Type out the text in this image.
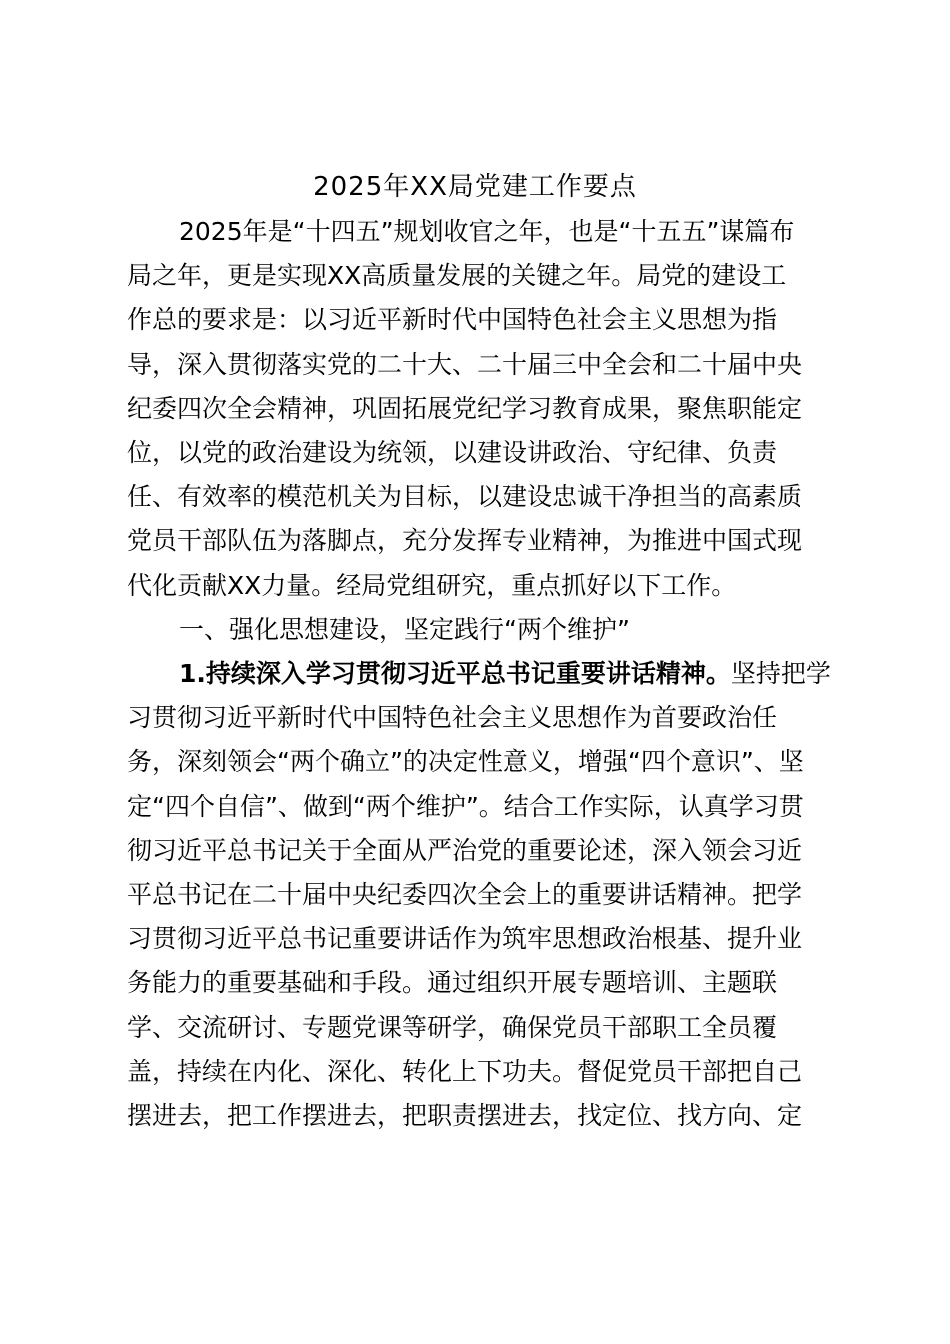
2025年XX局党建工作要点

2025年是“十四五”规划收官之年，也是“十五五”谋篇布

局之年，更是实现XX高质量发展的关键之年。局党的建设工

作总的要求是：以习近平新时代中国特色社会主义思想为指

导，深入贯彻落实党的二十大、二十届三中全会和二十届中央

纪委四次全会精神，巩固拓展党纪学习教育成果，聚焦职能定

位，以党的政治建设为统领，以建设讲政治、守纪律、负责

任、有效率的模范机关为目标，以建设忠诚干净担当的高素质

党员干部队伍为落脚点，充分发挥专业精神，为推进中国式现

代化贡献XX力量。经局党组研究，重点抓好以下工作。

一、强化思想建设，坚定践行“两个维护”

1.持续深入学习贯彻习近平总书记重要讲话精神。坚持把学

习贯彻习近平新时代中国特色社会主义思想作为首要政治任

务，深刻领会“两个确立”的决定性意义，增强“四个意识”、坚

定“四个自信”、做到“两个维护”。结合工作实际，认真学习贯

彻习近平总书记关于全面从严治党的重要论述，深入领会习近

平总书记在二十届中央纪委四次全会上的重要讲话精神。把学

习贯彻习近平总书记重要讲话作为筑牢思想政治根基、提升业

务能力的重要基础和手段。通过组织开展专题培训、主题联

学、交流研讨、专题党课等研学，确保党员干部职工全员覆

盖，持续在内化、深化、转化上下功夫。督促党员干部把自己

摆进去，把工作摆进去，把职责摆进去，找定位、找方向、定
